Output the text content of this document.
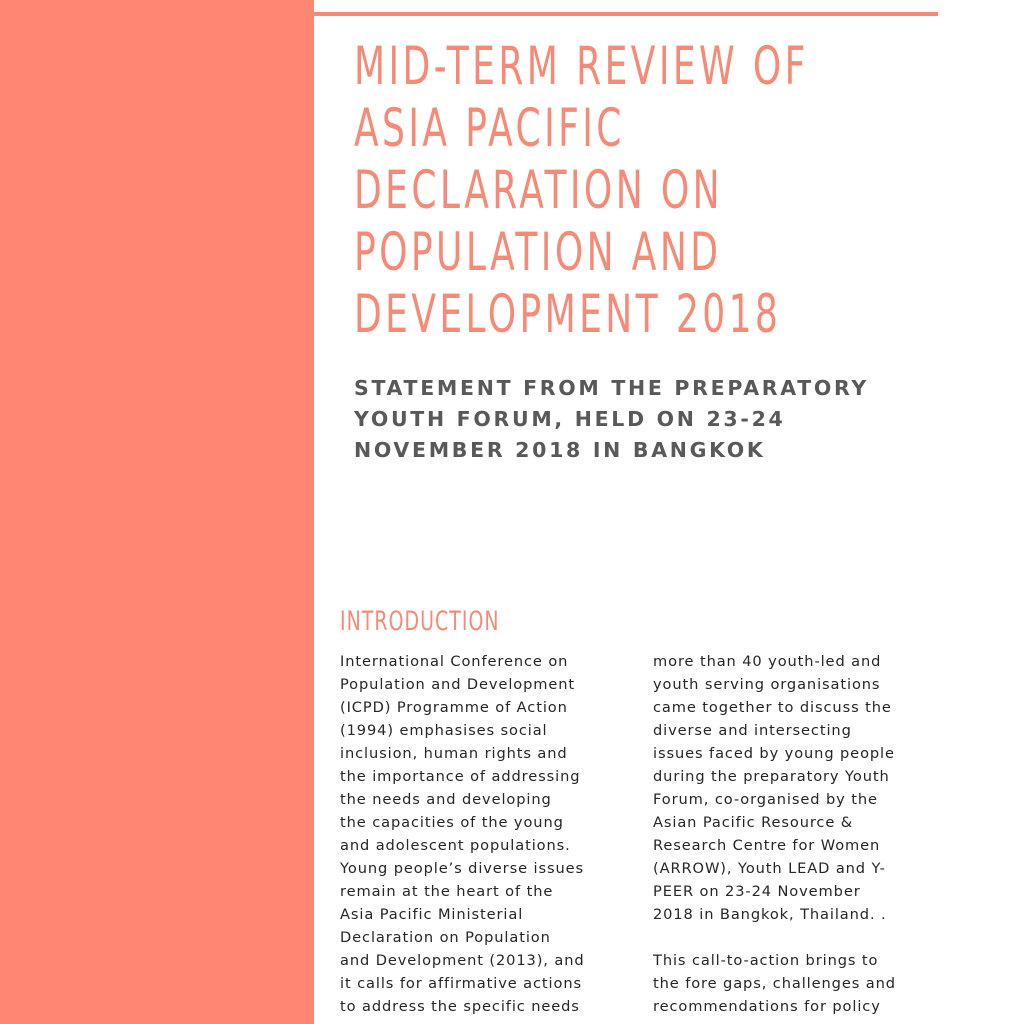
MID-TERM REVIEW OF
ASIA PACIFIC
DECLARATION ON
POPULATION AND
DEVELOPMENT 2018
STATEMENT FROM THE PREPARATORY
YOUTH FORUM, HELD ON 23-24
NOVEMBER 2018 IN BANGKOK
INTRODUCTION
International Conference on
Population and Development
(ICPD) Programme of Action
(1994) emphasises social
inclusion, human rights and
the importance of addressing
the needs and developing
the capacities of the young
and adolescent populations.
Young people’s diverse issues
remain at the heart of the
Asia Pacific Ministerial
Declaration on Population
and Development (2013), and
it calls for affirmative actions
to address the specific needs
more than 40 youth-led and
youth serving organisations
came together to discuss the
diverse and intersecting
issues faced by young people
during the preparatory Youth
Forum, co-organised by the
Asian Pacific Resource &
Research Centre for Women
(ARROW), Youth LEAD and Y-
PEER on 23-24 November
2018 in Bangkok, Thailand. .
This call-to-action brings to
the fore gaps, challenges and
recommendations for policy
